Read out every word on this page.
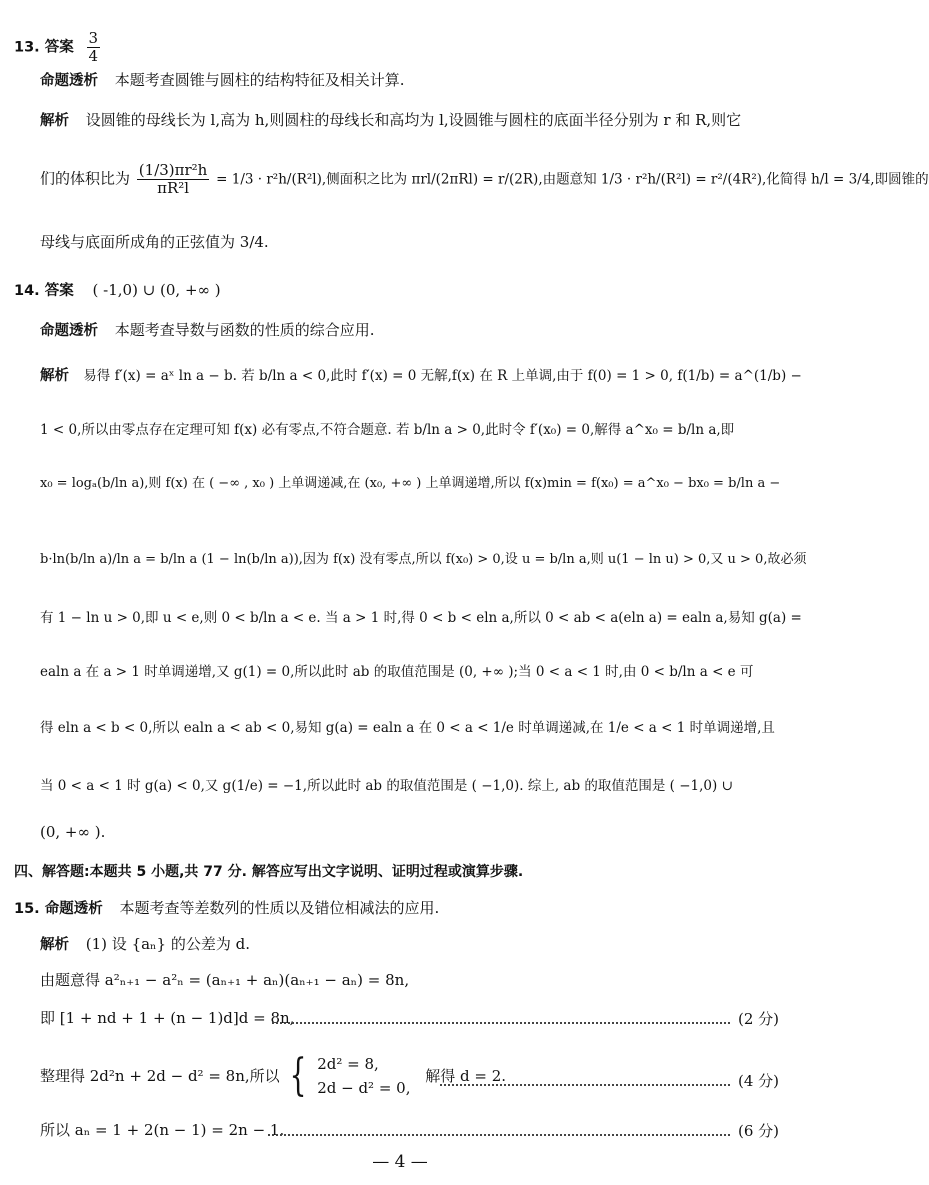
13. 答案 $\frac{3}{4}$
命题透析 本题考查圆锥与圆柱的结构特征及相关计算.
解析 设圆锥的母线长为 l,高为 h,则圆柱的母线长和高均为 l,设圆锥与圆柱的底面半径分别为 r 和 R,则它
们的体积比为 $\frac{\text{(1/3)πr²h}}{\text{πR²l}} = 1/3 \cdot r^2h/(R^2l)$,侧面积之比为 πrl/(2πRl) = r/(2R),由题意知 1/3 · r²h/(R²l) = r²/(4R²),化简得 h/l = 3/4,即圆锥的
母线与底面所成角的正弦值为 3/4.
14. 答案 ( -1,0) ∪ (0, +∞ )
命题透析 本题考查导数与函数的性质的综合应用.
解析 易得 f′(x) = aˣ ln a − b. 若 b/ln a < 0,此时 f′(x) = 0 无解,f(x) 在 R 上单调,由于 f(0) = 1 > 0, f(1/b) = a^(1/b) −
1 < 0,所以由零点存在定理可知 f(x) 必有零点,不符合题意. 若 b/ln a > 0,此时令 f′(x₀) = 0,解得 a^x₀ = b/ln a,即
x₀ = logₐ(b/ln a),则 f(x) 在 ( −∞ , x₀ ) 上单调递减,在 (x₀, +∞ ) 上单调递增,所以 f(x)min = f(x₀) = a^x₀ − bx₀ = b/ln a −
b·ln(b/ln a)/ln a = b/ln a (1 − ln(b/ln a)),因为 f(x) 没有零点,所以 f(x₀) > 0,设 u = b/ln a,则 u(1 − ln u) > 0,又 u > 0,故必须
有 1 − ln u > 0,即 u < e,则 0 < b/ln a < e. 当 a > 1 时,得 0 < b < eln a,所以 0 < ab < a(eln a) = ealn a,易知 g(a) =
ealn a 在 a > 1 时单调递增,又 g(1) = 0,所以此时 ab 的取值范围是 (0, +∞ );当 0 < a < 1 时,由 0 < b/ln a < e 可
得 eln a < b < 0,所以 ealn a < ab < 0,易知 g(a) = ealn a 在 0 < a < 1/e 时单调递减,在 1/e < a < 1 时单调递增,且
当 0 < a < 1 时 g(a) < 0,又 g(1/e) = −1,所以此时 ab 的取值范围是 ( −1,0). 综上, ab 的取值范围是 ( −1,0) ∪
(0, +∞ ).
四、解答题:本题共 5 小题,共 77 分. 解答应写出文字说明、证明过程或演算步骤.
15. 命题透析 本题考查等差数列的性质以及错位相减法的应用.
解析 (1) 设 {aₙ} 的公差为 d.
由题意得 a²ₙ₊₁ − a²ₙ = (aₙ₊₁ + aₙ)(aₙ₊₁ − aₙ) = 8n,
即 [1 + nd + 1 + (n − 1)d]d = 8n,	(2 分)
整理得 2d²n + 2d − d² = 8n,所以 { 2d² = 8,
2d − d² = 0,
解得 d = 2.	(4 分)
所以 aₙ = 1 + 2(n − 1) = 2n − 1.	(6 分)
— 4 —
